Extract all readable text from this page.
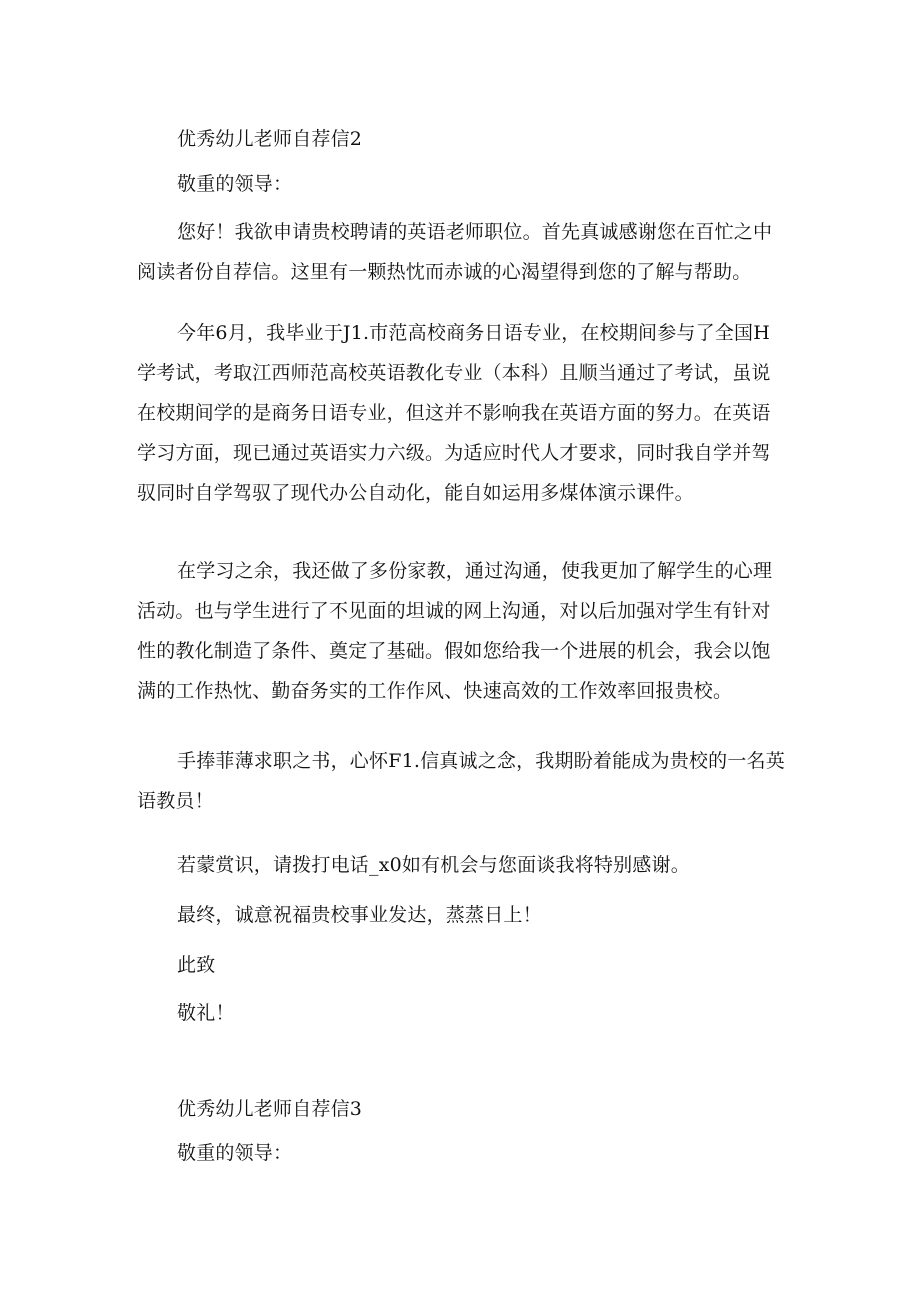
优秀幼儿老师自荐信2
敬重的领导：
您好！我欲申请贵校聘请的英语老师职位。首先真诚感谢您在百忙之中阅读者份自荐信。这里有一颗热忱而赤诚的心渴望得到您的了解与帮助。
今年6月，我毕业于J1.巿范高校商务日语专业，在校期间参与了全国H学考试，考取江西师范高校英语教化专业（本科）且顺当通过了考试，虽说在校期间学的是商务日语专业，但这并不影响我在英语方面的努力。在英语学习方面，现已通过英语实力六级。为适应时代人才要求，同时我自学并驾驭同时自学驾驭了现代办公自动化，能自如运用多煤体演示课件。
在学习之余，我还做了多份家教，通过沟通，使我更加了解学生的心理活动。也与学生进行了不见面的坦诚的网上沟通，对以后加强对学生有针对性的教化制造了条件、奠定了基础。假如您给我一个进展的机会，我会以饱满的工作热忱、勤奋务实的工作作风、快速高效的工作效率回报贵校。
手捧菲薄求职之书，心怀F1.信真诚之念，我期盼着能成为贵校的一名英语教员！
若蒙赏识，请拨打电话_x0如有机会与您面谈我将特别感谢。
最终，诚意祝福贵校事业发达，蒸蒸日上！
此致
敬礼！
优秀幼儿老师自荐信3
敬重的领导：
